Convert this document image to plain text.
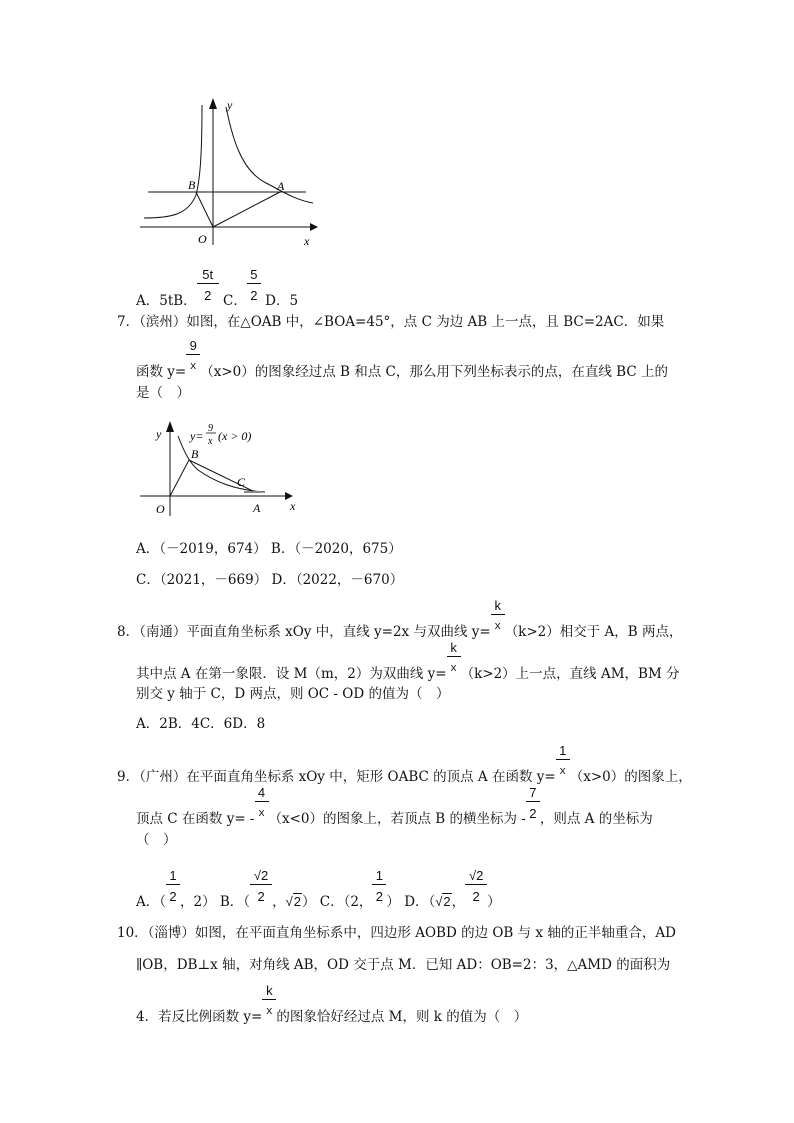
y
x
O
B	A
A．5tB． $\frac{5t}{2}$ C． $\frac{5}{2}$ D．5
7．（滨州）如图，在△OAB 中，∠BOA=45°，点 C 为边 AB 上一点，且 BC=2AC．如果
函数 $y= \frac{9}{x} (x>0)$的图象经过点 B 和点 C，那么用下列坐标表示的点，在直线 BC 上的
是（　）
y
x
O
B
C
A
y=
9
x (x > 0)
A．（－2019，674） B．（－2020，675）
C．（2021，－669） D．（2022，－670）
8．（南通）平面直角坐标系 xOy 中，直线 y=2x 与双曲线 $y= \frac{k}{x} (k>2)$相交于 A，B 两点，
其中点 A 在第一象限．设 M（m，2）为双曲线 $y= \frac{k}{x} (k>2)$上一点，直线 AM，BM 分
别交 y 轴于 C，D 两点，则 OC - OD 的值为（　）
A．2B．4C．6D．8
9．（广州）在平面直角坐标系 xOy 中，矩形 OABC 的顶点 A 在函数 $y= \frac{1}{x} (x>0)$的图象上，
顶点 C 在函数 $y= - \frac{4}{x} (x<0)$的图象上，若顶点 B 的横坐标为 - $\frac{7}{2}$ ，则点 A 的坐标为
（　）
A．（ $\frac{1}{2}$ ，2） B．（ $\frac{√2}{2}$ ，√2） C．（2， $\frac{1}{2}$ ） D．（√2， $\frac{√2}{2}$ ）
10．（淄博）如图，在平面直角坐标系中，四边形 AOBD 的边 OB 与 x 轴的正半轴重合，AD
∥OB，DB⊥x 轴，对角线 AB，OD 交于点 M．已知 AD：OB=2：3，△AMD 的面积为
4．若反比例函数 $y= \frac{k}{x}$ 的图象恰好经过点 M，则 k 的值为（　）
